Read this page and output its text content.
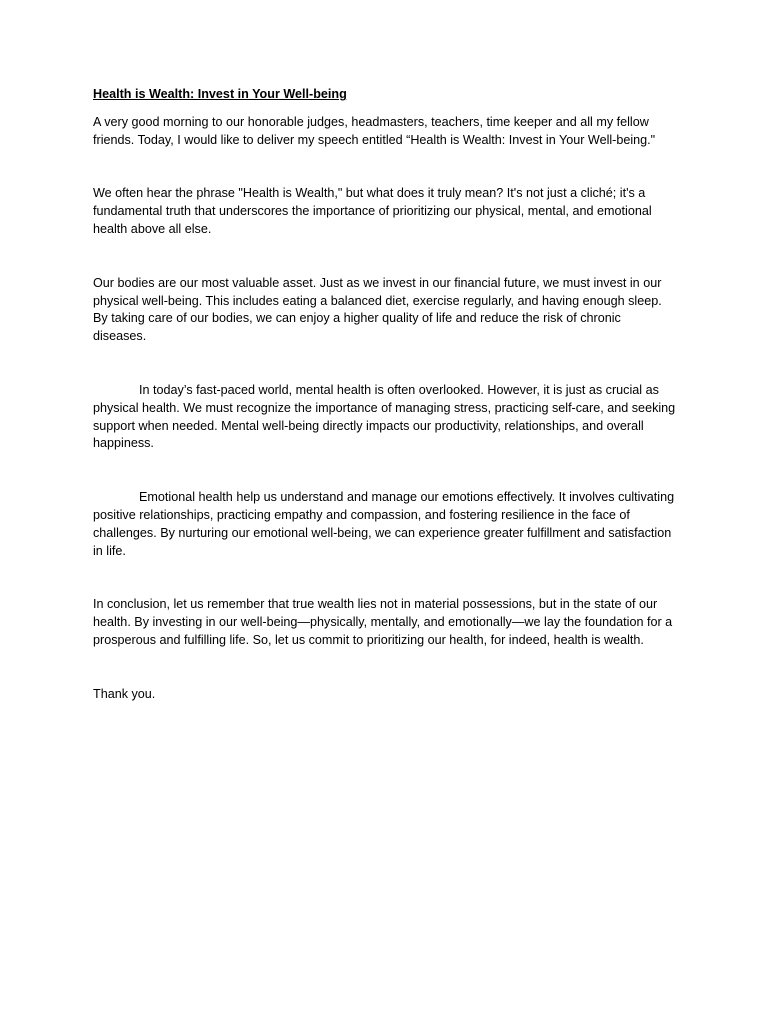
Health is Wealth: Invest in Your Well-being

A very good morning to our honorable judges, headmasters, teachers, time keeper and all my fellow friends. Today, I would like to deliver my speech entitled “Health is Wealth: Invest in Your Well-being."

We often hear the phrase "Health is Wealth," but what does it truly mean? It's not just a cliché; it's a fundamental truth that underscores the importance of prioritizing our physical, mental, and emotional health above all else.

Our bodies are our most valuable asset. Just as we invest in our financial future, we must invest in our physical well-being. This includes eating a balanced diet, exercise regularly, and having enough sleep. By taking care of our bodies, we can enjoy a higher quality of life and reduce the risk of chronic diseases.

In today’s fast-paced world, mental health is often overlooked. However, it is just as crucial as physical health. We must recognize the importance of managing stress, practicing self-care, and seeking support when needed. Mental well-being directly impacts our productivity, relationships, and overall happiness.

Emotional health help us understand and manage our emotions effectively. It involves cultivating positive relationships, practicing empathy and compassion, and fostering resilience in the face of challenges. By nurturing our emotional well-being, we can experience greater fulfillment and satisfaction in life.

In conclusion, let us remember that true wealth lies not in material possessions, but in the state of our health. By investing in our well-being—physically, mentally, and emotionally—we lay the foundation for a prosperous and fulfilling life. So, let us commit to prioritizing our health, for indeed, health is wealth.

Thank you.
